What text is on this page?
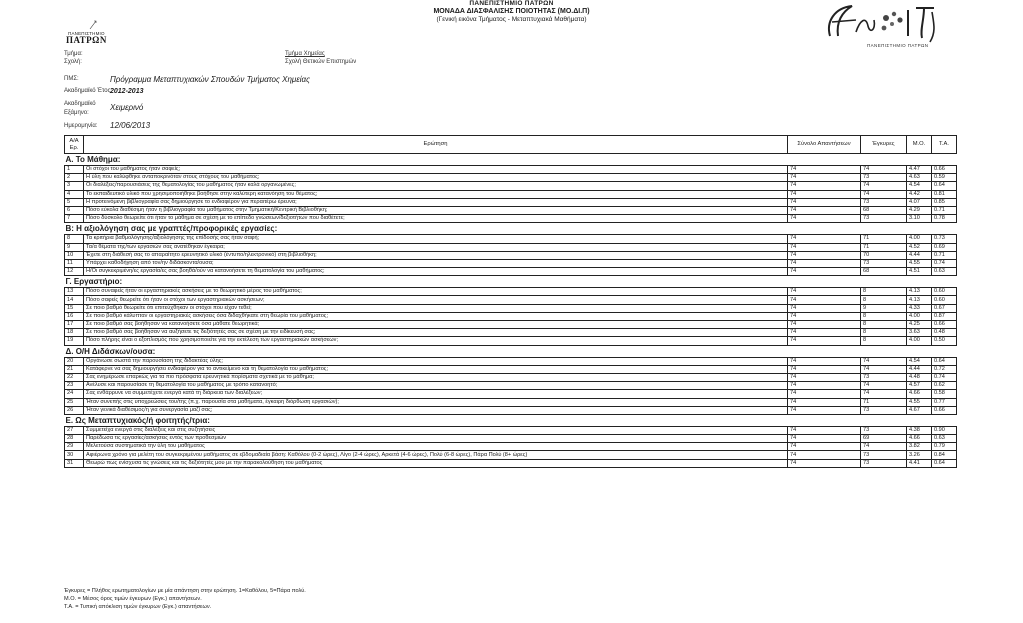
ΠΑΝΕΠΙΣΤΗΜΙΟ ΠΑΤΡΩΝ
ΜΟΝΑΔΑ ΔΙΑΣΦΑΛΙΣΗΣ ΠΟΙΟΤΗΤΑΣ (ΜΟ.ΔΙ.Π)
(Γενική εικόνα Τμήματος - Μεταπτυχιακά Μαθήματα)
ΠΑΝΕΠΙΣΤΗΜΙΟ
ΠΑΤΡΩΝ
ΠΑΝΕΠΙΣΤΗΜΙΟ ΠΑΤΡΩΝ
Τμήμα:	Τμήμα Χημείας
Σχολή:	Σχολή Θετικών Επιστημών
ΠΜΣ:	Πρόγραμμα Μεταπτυχιακών Σπουδών Τμήματος Χημείας
Ακαδημαϊκό Έτος:
2012-2013
Ακαδημαϊκό
Εξάμηνο:
Χειμερινό
Ημερομηνία: 12/06/2013
Α/Α Ερ.	Ερώτηση	Σύνολο Απαντήσεων	Έγκυρες	Μ.Ο.	Τ.Α.
Α. Το Μάθημα:					
1	Οι στόχοι του μαθήματος ήταν σαφείς;	74	74	4.47	0.66
2	Η ύλη που καλύφθηκε ανταποκρινόταν στους στόχους του μαθήματος;	74	73	4.63	0.59
3	Οι διαλέξεις/παρουσιάσεις της θεματολογίας του μαθήματος ήταν καλά οργανωμένες;	74	74	4.54	0.64
4	Το εκπαιδευτικό υλικό που χρησιμοποιήθηκε βοήθησε στην καλύτερη κατανόηση του θέματος;	74	74	4.42	0.81
5	Η προτεινόμενη βιβλιογραφία σας δημιούργησε το ενδιαφέρον για περαιτέρω έρευνα;	74	73	4.07	0.85
6	Πόσο εύκολα διαθέσιμη ήταν η βιβλιογραφία του μαθήματος στην Τμηματική/Κεντρική Βιβλιοθήκη;	74	68	4.29	0.71
7	Πόσο δύσκολο θεωρείτε ότι ήταν το μάθημα σε σχέση με το επίπεδο γνώσεων/δεξιοτήτων που διαθέτετε;	74	73	3.10	0.78
Β: Η αξιολόγηση σας με γραπτές/προφορικές εργασίες:					
8	Τα κριτήρια βαθμολόγησης/αξιολόγησης της επίδοσής σας ήταν σαφή;	74	71	4.00	0.73
9	Τα/α θέματα της/των εργασιών σας ανατέθηκαν έγκαιρα;	74	71	4.52	0.69
10	Έχετε στη διάθεσή σας το απαραίτητο ερευνητικό υλικό (έντυπο/ηλεκτρονικό) στη βιβλιοθήκη;	74	70	4.44	0.71
11	Υπάρχει καθοδήγηση από τον/ην διδάσκοντα/ουσα;	74	73	4.55	0.74
12	Η/Οι συγκεκριμένη/ες εργασία/ες σας βοηθά/ούν να κατανοήσετε τη θεματολογία του μαθήματος;	74	68	4.51	0.63
Γ. Εργαστήριο:					
13	Πόσο συναφείς ήταν οι εργαστηριακές ασκήσεις με το θεωρητικό μέρος του μαθήματος;	74	8	4.13	0.60
14	Πόσο σαφείς θεωρείτε ότι ήταν οι στόχοι των εργαστηριακών ασκήσεων;	74	8	4.13	0.60
15	Σε ποιο βαθμό θεωρείτε ότι επιτεύχθηκαν οι στόχοι που είχαν τεθεί;	74	9	4.33	0.67
16	Σε ποιο βαθμό κάλυπταν οι εργαστηριακές ασκήσεις όσα διδαχθήκατε στη θεωρία του μαθήματος;	74	8	4.00	0.87
17	Σε ποιο βαθμό σας βοήθησαν να κατανοήσετε όσα μάθατε θεωρητικά;	74	8	4.25	0.66
18	Σε ποιο βαθμό σας βοήθησαν να αυξήσετε τις δεξιότητές σας σε σχέση με την ειδίκευσή σας;	74	8	3.63	0.48
19	Πόσο πλήρης είναι ο εξοπλισμός που χρησιμοποιείτε για την εκτέλεση των εργαστηριακών ασκήσεων;	74	8	4.00	0.50
Δ. Ο/Η Διδάσκων/ουσα:					
20	Οργάνωσε σωστά την παρουσίαση της διδακτέας ύλης;	74	74	4.54	0.64
21	Κατάφερνε να σας δημιουργήσει ενδιαφέρον για το αντικείμενο και τη θεματολογία του μαθήματος;	74	74	4.44	0.72
22	Σας ενημέρωσε επαρκώς για τα πιο πρόσφατα ερευνητικά πορίσματα σχετικά με το μάθημα;	74	73	4.48	0.74
23	Ανέλυσε και παρουσίασε τη θεματολογία του μαθήματος με τρόπο κατανοητό;	74	74	4.57	0.62
24	Σας ενθάρρυνε να συμμετέχετε ενεργά κατά τη διάρκεια των διαλέξεων;	74	74	4.66	0.58
25	Ήταν συνεπής στις υποχρεώσεις του/της (π.χ. παρουσία στα μαθήματα, έγκαιρη διόρθωση εργασιών);	74	71	4.55	0.77
26	Ήταν γενικά διαθέσιμος/η για συνεργασία μαζί σας;	74	73	4.67	0.66
Ε. Ως Μεταπτυχιακός/ή φοιτητής/τρια:					
27	Συμμετείχα ενεργά στις διαλέξεις και στις συζητήσεις	74	73	4.38	0.90
28	Παρέδωσα τις εργασίες/ασκήσεις εντός των προθεσμιών	74	69	4.66	0.63
29	Μελετούσα συστηματικά την ύλη του μαθήματος	74	74	3.82	0.79
30	Αφιέρωνα χρόνο για μελέτη του συγκεκριμένου μαθήματος σε εβδομαδιαία βάση: Καθόλου (0-2 ώρες), Λίγο (2-4 ώρες), Αρκετά (4-6 ώρες), Πολύ (6-8 ώρες), Πάρα Πολύ (8+ ώρες)	74	73	3.26	0.84
31	Θεωρώ πως ενίσχυσα τις γνώσεις και τις δεξιότητές μου με την παρακολούθηση του μαθήματος	74	73	4.41	0.64
Έγκυρες = Πλήθος ερωτηματολογίων με μία απάντηση στην ερώτηση. 1=Καθόλου, 5=Πάρα πολύ.
Μ.Ο. = Μέσος όρος τιμών έγκυρων (Εγκ.) απαντήσεων.
Τ.Α. = Τυπική απόκλιση τιμών έγκυρων (Εγκ.) απαντήσεων.
